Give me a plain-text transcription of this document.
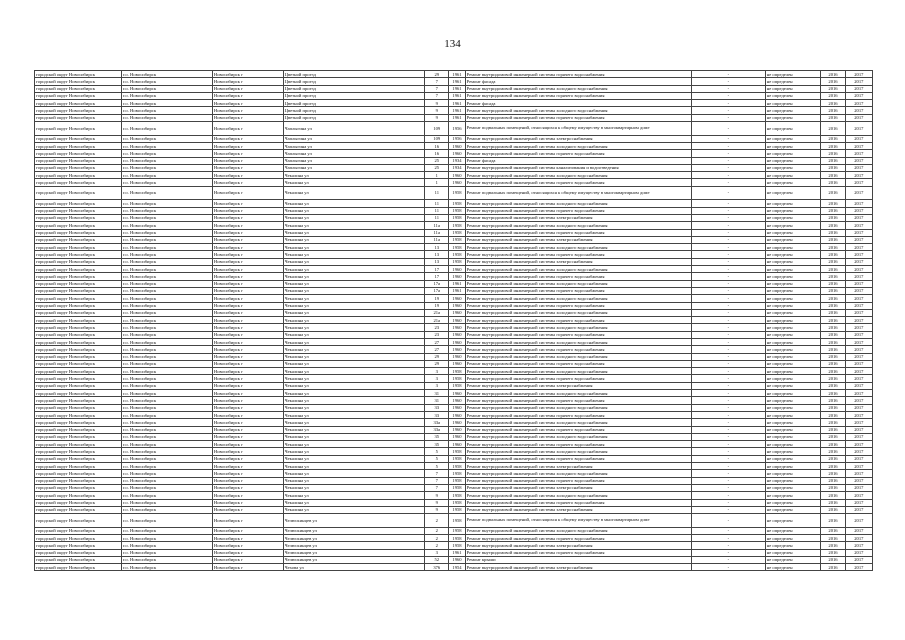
134
городской округ Новосибирск	г.о. Новосибирск	Новосибирск г	Цветной проезд	29	1961	Ремонт внутридомовой инженерной системы горячего водоснабжения	-	не определен	2016	2017
городской округ Новосибирск	г.о. Новосибирск	Новосибирск г	Цветной проезд	7	1961	Ремонт фасада	-	не определен	2016	2017
городской округ Новосибирск	г.о. Новосибирск	Новосибирск г	Цветной проезд	7	1961	Ремонт внутридомовой инженерной системы холодного водоснабжения	-	не определен	2016	2017
городской округ Новосибирск	г.о. Новосибирск	Новосибирск г	Цветной проезд	7	1961	Ремонт внутридомовой инженерной системы горячего водоснабжения	-	не определен	2016	2017
городской округ Новосибирск	г.о. Новосибирск	Новосибирск г	Цветной проезд	9	1961	Ремонт фасада	-	не определен	2016	2017
городской округ Новосибирск	г.о. Новосибирск	Новосибирск г	Цветной проезд	9	1961	Ремонт внутридомовой инженерной системы холодного водоснабжения	-	не определен	2016	2017
городской округ Новосибирск	г.о. Новосибирск	Новосибирск г	Цветной проезд	9	1961	Ремонт внутридомовой инженерной системы горячего водоснабжения	-	не определен	2016	2017
городской округ Новосибирск	г.о. Новосибирск	Новосибирск г	Чаплыгина ул	109	1956	Ремонт подвальных помещений, относящихся к общему имуществу в многоквартирном доме	-	не определен	2016	2017
городской округ Новосибирск	г.о. Новосибирск	Новосибирск г	Чаплыгина ул	109	1956	Ремонт внутридомовой инженерной системы электроснабжения	-	не определен	2016	2017
городской округ Новосибирск	г.о. Новосибирск	Новосибирск г	Чаплыгина ул	16	1960	Ремонт внутридомовой инженерной системы холодного водоснабжения	-	не определен	2016	2017
городской округ Новосибирск	г.о. Новосибирск	Новосибирск г	Чаплыгина ул	16	1960	Ремонт внутридомовой инженерной системы горячего водоснабжения	-	не определен	2016	2017
городской округ Новосибирск	г.о. Новосибирск	Новосибирск г	Чаплыгина ул	25	1934	Ремонт фасада	-	не определен	2016	2017
городской округ Новосибирск	г.о. Новосибирск	Новосибирск г	Чаплыгина ул	25	1934	Ремонт внутридомовой инженерной системы канализования и водоотведения	-	не определен	2016	2017
городской округ Новосибирск	г.о. Новосибирск	Новосибирск г	Чекалина ул	1	1960	Ремонт внутридомовой инженерной системы холодного водоснабжения	-	не определен	2016	2017
городской округ Новосибирск	г.о. Новосибирск	Новосибирск г	Чекалина ул	1	1960	Ремонт внутридомовой инженерной системы горячего водоснабжения	-	не определен	2016	2017
городской округ Новосибирск	г.о. Новосибирск	Новосибирск г	Чекалина ул	11	1958	Ремонт подвальных помещений, относящихся к общему имуществу в многоквартирном доме	-	не определен	2016	2017
городской округ Новосибирск	г.о. Новосибирск	Новосибирск г	Чекалина ул	11	1958	Ремонт внутридомовой инженерной системы холодного водоснабжения	-	не определен	2016	2017
городской округ Новосибирск	г.о. Новосибирск	Новосибирск г	Чекалина ул	11	1958	Ремонт внутридомовой инженерной системы горячего водоснабжения	-	не определен	2016	2017
городской округ Новосибирск	г.о. Новосибирск	Новосибирск г	Чекалина ул	11	1958	Ремонт внутридомовой инженерной системы электроснабжения	-	не определен	2016	2017
городской округ Новосибирск	г.о. Новосибирск	Новосибирск г	Чекалина ул	11а	1958	Ремонт внутридомовой инженерной системы холодного водоснабжения	-	не определен	2016	2017
городской округ Новосибирск	г.о. Новосибирск	Новосибирск г	Чекалина ул	11а	1958	Ремонт внутридомовой инженерной системы горячего водоснабжения	-	не определен	2016	2017
городской округ Новосибирск	г.о. Новосибирск	Новосибирск г	Чекалина ул	11а	1958	Ремонт внутридомовой инженерной системы электроснабжения	-	не определен	2016	2017
городской округ Новосибирск	г.о. Новосибирск	Новосибирск г	Чекалина ул	13	1958	Ремонт внутридомовой инженерной системы холодного водоснабжения	-	не определен	2016	2017
городской округ Новосибирск	г.о. Новосибирск	Новосибирск г	Чекалина ул	13	1958	Ремонт внутридомовой инженерной системы горячего водоснабжения	-	не определен	2016	2017
городской округ Новосибирск	г.о. Новосибирск	Новосибирск г	Чекалина ул	13	1958	Ремонт внутридомовой инженерной системы электроснабжения	-	не определен	2016	2017
городской округ Новосибирск	г.о. Новосибирск	Новосибирск г	Чекалина ул	17	1960	Ремонт внутридомовой инженерной системы холодного водоснабжения	-	не определен	2016	2017
городской округ Новосибирск	г.о. Новосибирск	Новосибирск г	Чекалина ул	17	1960	Ремонт внутридомовой инженерной системы горячего водоснабжения	-	не определен	2016	2017
городской округ Новосибирск	г.о. Новосибирск	Новосибирск г	Чекалина ул	17а	1961	Ремонт внутридомовой инженерной системы холодного водоснабжения	-	не определен	2016	2017
городской округ Новосибирск	г.о. Новосибирск	Новосибирск г	Чекалина ул	17а	1961	Ремонт внутридомовой инженерной системы горячего водоснабжения	-	не определен	2016	2017
городской округ Новосибирск	г.о. Новосибирск	Новосибирск г	Чекалина ул	19	1960	Ремонт внутридомовой инженерной системы холодного водоснабжения	-	не определен	2016	2017
городской округ Новосибирск	г.о. Новосибирск	Новосибирск г	Чекалина ул	19	1960	Ремонт внутридомовой инженерной системы горячего водоснабжения	-	не определен	2016	2017
городской округ Новосибирск	г.о. Новосибирск	Новосибирск г	Чекалина ул	21а	1960	Ремонт внутридомовой инженерной системы холодного водоснабжения	-	не определен	2016	2017
городской округ Новосибирск	г.о. Новосибирск	Новосибирск г	Чекалина ул	21а	1960	Ремонт внутридомовой инженерной системы горячего водоснабжения	-	не определен	2016	2017
городской округ Новосибирск	г.о. Новосибирск	Новосибирск г	Чекалина ул	23	1960	Ремонт внутридомовой инженерной системы холодного водоснабжения	-	не определен	2016	2017
городской округ Новосибирск	г.о. Новосибирск	Новосибирск г	Чекалина ул	23	1960	Ремонт внутридомовой инженерной системы горячего водоснабжения	-	не определен	2016	2017
городской округ Новосибирск	г.о. Новосибирск	Новосибирск г	Чекалина ул	27	1960	Ремонт внутридомовой инженерной системы холодного водоснабжения	-	не определен	2016	2017
городской округ Новосибирск	г.о. Новосибирск	Новосибирск г	Чекалина ул	27	1960	Ремонт внутридомовой инженерной системы горячего водоснабжения	-	не определен	2016	2017
городской округ Новосибирск	г.о. Новосибирск	Новосибирск г	Чекалина ул	29	1960	Ремонт внутридомовой инженерной системы холодного водоснабжения	-	не определен	2016	2017
городской округ Новосибирск	г.о. Новосибирск	Новосибирск г	Чекалина ул	29	1960	Ремонт внутридомовой инженерной системы горячего водоснабжения	-	не определен	2016	2017
городской округ Новосибирск	г.о. Новосибирск	Новосибирск г	Чекалина ул	3	1958	Ремонт внутридомовой инженерной системы холодного водоснабжения	-	не определен	2016	2017
городской округ Новосибирск	г.о. Новосибирск	Новосибирск г	Чекалина ул	3	1958	Ремонт внутридомовой инженерной системы горячего водоснабжения	-	не определен	2016	2017
городской округ Новосибирск	г.о. Новосибирск	Новосибирск г	Чекалина ул	3	1958	Ремонт внутридомовой инженерной системы электроснабжения	-	не определен	2016	2017
городской округ Новосибирск	г.о. Новосибирск	Новосибирск г	Чекалина ул	31	1960	Ремонт внутридомовой инженерной системы холодного водоснабжения	-	не определен	2016	2017
городской округ Новосибирск	г.о. Новосибирск	Новосибирск г	Чекалина ул	31	1960	Ремонт внутридомовой инженерной системы горячего водоснабжения	-	не определен	2016	2017
городской округ Новосибирск	г.о. Новосибирск	Новосибирск г	Чекалина ул	33	1960	Ремонт внутридомовой инженерной системы холодного водоснабжения	-	не определен	2016	2017
городской округ Новосибирск	г.о. Новосибирск	Новосибирск г	Чекалина ул	33	1960	Ремонт внутридомовой инженерной системы горячего водоснабжения	-	не определен	2016	2017
городской округ Новосибирск	г.о. Новосибирск	Новосибирск г	Чекалина ул	33а	1960	Ремонт внутридомовой инженерной системы холодного водоснабжения	-	не определен	2016	2017
городской округ Новосибирск	г.о. Новосибирск	Новосибирск г	Чекалина ул	33а	1960	Ремонт внутридомовой инженерной системы горячего водоснабжения	-	не определен	2016	2017
городской округ Новосибирск	г.о. Новосибирск	Новосибирск г	Чекалина ул	35	1960	Ремонт внутридомовой инженерной системы холодного водоснабжения	-	не определен	2016	2017
городской округ Новосибирск	г.о. Новосибирск	Новосибирск г	Чекалина ул	35	1960	Ремонт внутридомовой инженерной системы горячего водоснабжения	-	не определен	2016	2017
городской округ Новосибирск	г.о. Новосибирск	Новосибирск г	Чекалина ул	5	1958	Ремонт внутридомовой инженерной системы холодного водоснабжения	-	не определен	2016	2017
городской округ Новосибирск	г.о. Новосибирск	Новосибирск г	Чекалина ул	5	1958	Ремонт внутридомовой инженерной системы горячего водоснабжения	-	не определен	2016	2017
городской округ Новосибирск	г.о. Новосибирск	Новосибирск г	Чекалина ул	5	1958	Ремонт внутридомовой инженерной системы электроснабжения	-	не определен	2016	2017
городской округ Новосибирск	г.о. Новосибирск	Новосибирск г	Чекалина ул	7	1958	Ремонт внутридомовой инженерной системы холодного водоснабжения	-	не определен	2016	2017
городской округ Новосибирск	г.о. Новосибирск	Новосибирск г	Чекалина ул	7	1958	Ремонт внутридомовой инженерной системы горячего водоснабжения	-	не определен	2016	2017
городской округ Новосибирск	г.о. Новосибирск	Новосибирск г	Чекалина ул	7	1958	Ремонт внутридомовой инженерной системы электроснабжения	-	не определен	2016	2017
городской округ Новосибирск	г.о. Новосибирск	Новосибирск г	Чекалина ул	9	1958	Ремонт внутридомовой инженерной системы холодного водоснабжения	-	не определен	2016	2017
городской округ Новосибирск	г.о. Новосибирск	Новосибирск г	Чекалина ул	9	1958	Ремонт внутридомовой инженерной системы горячего водоснабжения	-	не определен	2016	2017
городской округ Новосибирск	г.о. Новосибирск	Новосибирск г	Чекалина ул	9	1958	Ремонт внутридомовой инженерной системы электроснабжения	-	не определен	2016	2017
городской округ Новосибирск	г.о. Новосибирск	Новосибирск г	Челюскинцев ул	2	1958	Ремонт подвальных помещений, относящихся к общему имуществу в многоквартирном доме	-	не определен	2016	2017
городской округ Новосибирск	г.о. Новосибирск	Новосибирск г	Челюскинцев ул	2	1958	Ремонт внутридомовой инженерной системы холодного водоснабжения	-	не определен	2016	2017
городской округ Новосибирск	г.о. Новосибирск	Новосибирск г	Челюскинцев ул	2	1958	Ремонт внутридомовой инженерной системы горячего водоснабжения	-	не определен	2016	2017
городской округ Новосибирск	г.о. Новосибирск	Новосибирск г	Челюскинцев ул	2	1958	Ремонт внутридомовой инженерной системы электроснабжения	-	не определен	2016	2017
городской округ Новосибирск	г.о. Новосибирск	Новосибирск г	Челюскинцев ул	3	1961	Ремонт внутридомовой инженерной системы горячего водоснабжения	-	не определен	2016	2017
городской округ Новосибирск	г.о. Новосибирск	Новосибирск г	Челюскинцев ул	52	1960	Ремонт крыши	-	не определен	2016	2017
городской округ Новосибирск	г.о. Новосибирск	Новосибирск г	Чехова ул	376	1954	Ремонт внутридомовой инженерной системы электроснабжения	-	не определен	2016	2017
